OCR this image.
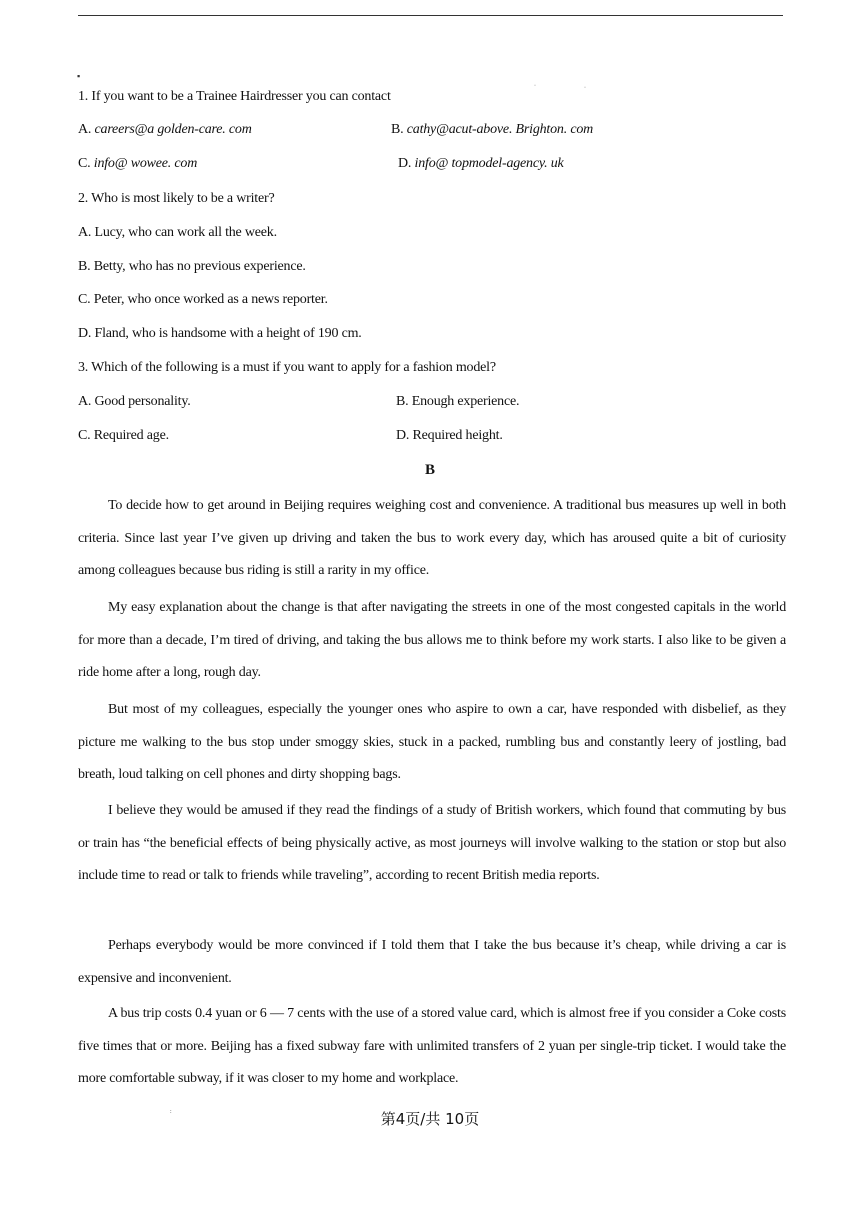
▪
·	·
1. If you want to be a Trainee Hairdresser you can contact
A. careers@a golden-care. com	B. cathy@acut-above. Brighton. com
C. info@ wowee. com	D. info@ topmodel-agency. uk
2. Who is most likely to be a writer?
A. Lucy, who can work all the week.
B. Betty, who has no previous experience.
C. Peter, who once worked as a news reporter.
D. Fland, who is handsome with a height of 190 cm.
3. Which of the following is a must if you want to apply for a fashion model?
A. Good personality.	B. Enough experience.
C. Required age.	D. Required height.
B
To decide how to get around in Beijing requires weighing cost and convenience. A traditional bus measures up well in both criteria. Since last year I’ve given up driving and taken the bus to work every day, which has aroused quite a bit of curiosity among colleagues because bus riding is still a rarity in my office.
My easy explanation about the change is that after navigating the streets in one of the most congested capitals in the world for more than a decade, I’m tired of driving, and taking the bus allows me to think before my work starts. I also like to be given a ride home after a long, rough day.
But most of my colleagues, especially the younger ones who aspire to own a car, have responded with disbelief, as they picture me walking to the bus stop under smoggy skies, stuck in a packed, rumbling bus and constantly leery of jostling, bad breath, loud talking on cell phones and dirty shopping bags.
I believe they would be amused if they read the findings of a study of British workers, which found that commuting by bus or train has “the beneficial effects of being physically active, as most journeys will involve walking to the station or stop but also include time to read or talk to friends while traveling”, according to recent British media reports.
Perhaps everybody would be more convinced if I told them that I take the bus because it’s cheap, while driving a car is expensive and inconvenient.
A bus trip costs 0.4 yuan or 6 — 7 cents with the use of a stored value card, which is almost free if you consider a Coke costs five times that or more. Beijing has a fixed subway fare with unlimited transfers of 2 yuan per single-trip ticket. I would take the more comfortable subway, if it was closer to my home and workplace.
:	第4页/共 10页
